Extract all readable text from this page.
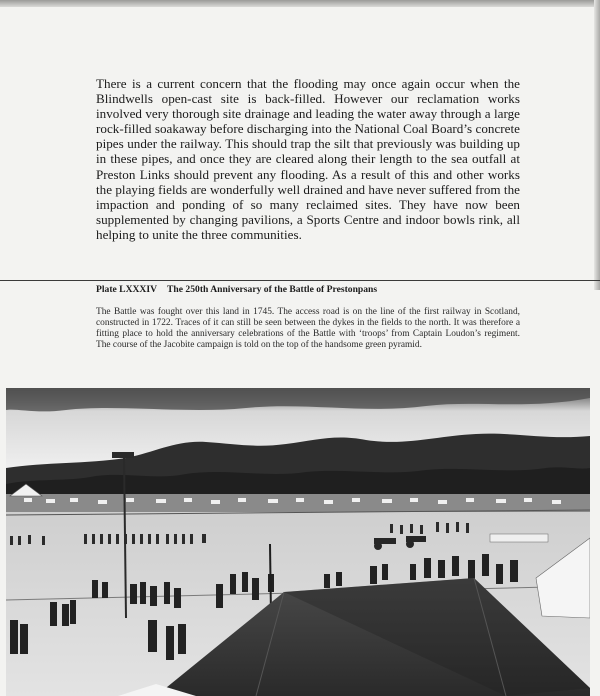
There is a current concern that the flooding may once again occur when the Blindwells open-cast site is back-filled. However our reclamation works involved very thorough site drainage and leading the water away through a large rock-filled soakaway before discharging into the National Coal Board’s concrete pipes under the railway. This should trap the silt that previously was building up in these pipes, and once they are cleared along their length to the sea outfall at Preston Links should prevent any flooding. As a result of this and other works the playing fields are wonderfully well drained and have never suffered from the impaction and ponding of so many reclaimed sites. They have now been supplemented by changing pavilions, a Sports Centre and indoor bowls rink, all helping to unite the three communities.

Plate LXXXIV The 250th Anniversary of the Battle of Prestonpans

The Battle was fought over this land in 1745. The access road is on the line of the first railway in Scotland, constructed in 1722. Traces of it can still be seen between the dykes in the fields to the north. It was therefore a fitting place to hold the anniversary celebrations of the Battle with ‘troops’ from Captain Loudon’s regiment. The course of the Jacobite campaign is told on the top of the handsome green pyramid.
